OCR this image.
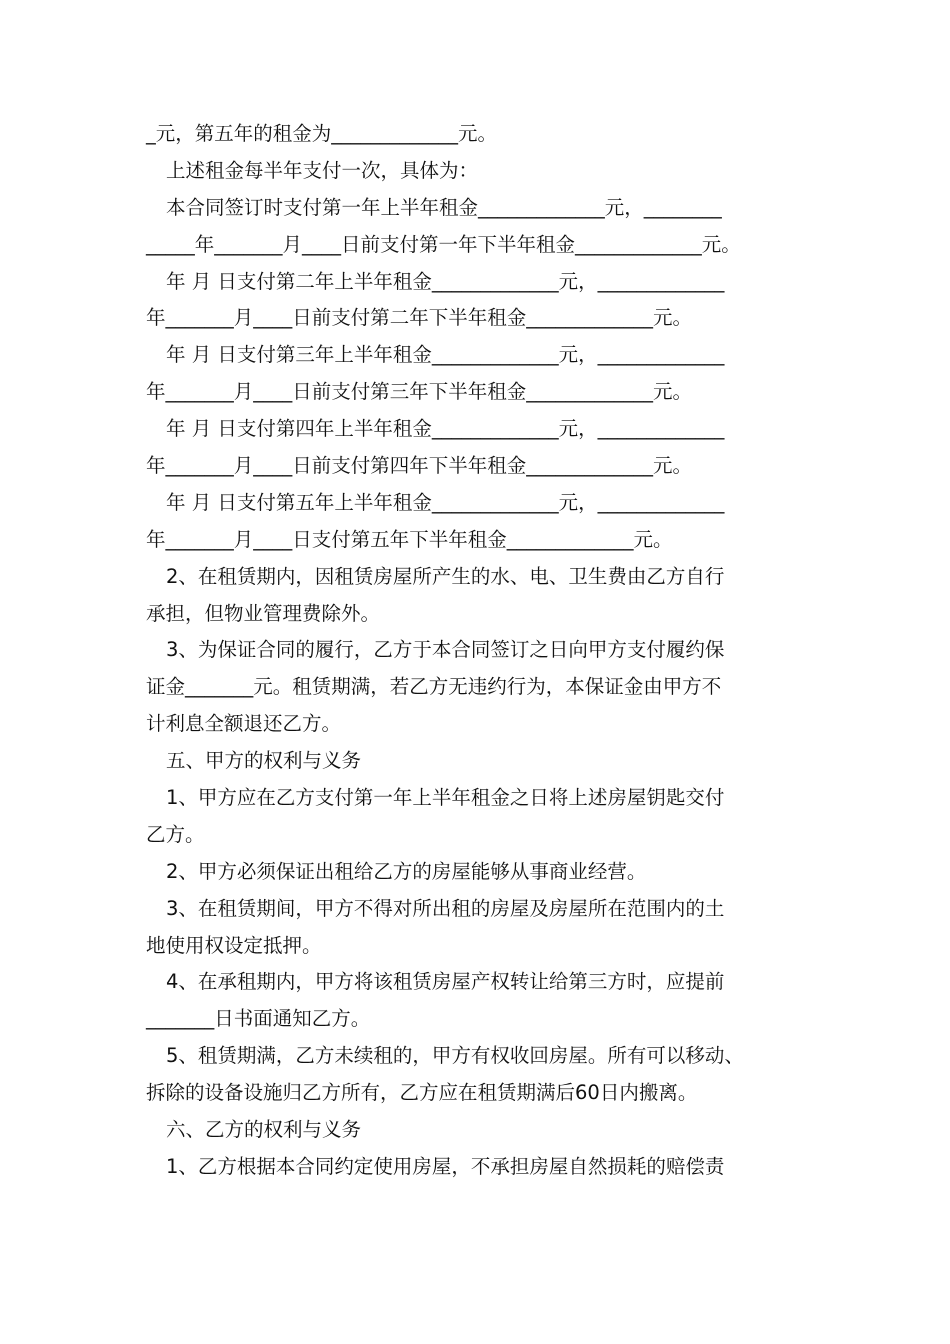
_元，第五年的租金为_____________元。
上述租金每半年支付一次，具体为：
本合同签订时支付第一年上半年租金_____________元，________
_____年_______月____日前支付第一年下半年租金_____________元。
年 月 日支付第二年上半年租金_____________元，_____________
年_______月____日前支付第二年下半年租金_____________元。
年 月 日支付第三年上半年租金_____________元，_____________
年_______月____日前支付第三年下半年租金_____________元。
年 月 日支付第四年上半年租金_____________元，_____________
年_______月____日前支付第四年下半年租金_____________元。
年 月 日支付第五年上半年租金_____________元，_____________
年_______月____日支付第五年下半年租金_____________元。
2、在租赁期内，因租赁房屋所产生的水、电、卫生费由乙方自行
承担，但物业管理费除外。
3、为保证合同的履行，乙方于本合同签订之日向甲方支付履约保
证金_______元。租赁期满，若乙方无违约行为，本保证金由甲方不
计利息全额退还乙方。
五、甲方的权利与义务
1、甲方应在乙方支付第一年上半年租金之日将上述房屋钥匙交付
乙方。
2、甲方必须保证出租给乙方的房屋能够从事商业经营。
3、在租赁期间，甲方不得对所出租的房屋及房屋所在范围内的土
地使用权设定抵押。
4、在承租期内，甲方将该租赁房屋产权转让给第三方时，应提前
_______日书面通知乙方。
5、租赁期满，乙方未续租的，甲方有权收回房屋。所有可以移动、
拆除的设备设施归乙方所有，乙方应在租赁期满后60日内搬离。
六、乙方的权利与义务
1、乙方根据本合同约定使用房屋，不承担房屋自然损耗的赔偿责
